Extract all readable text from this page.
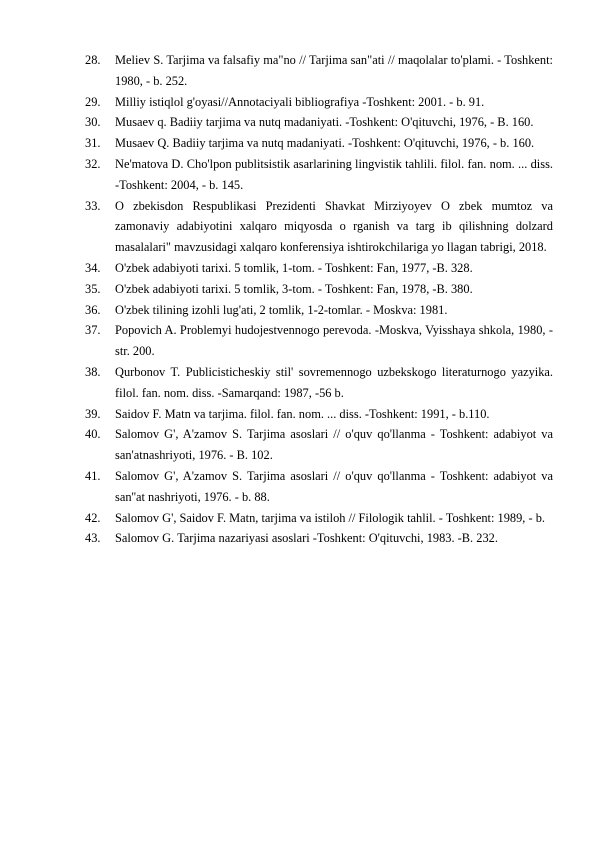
28.	Meliev S. Tarjima va falsafiy ma"no // Tarjima san"ati // maqolalar to'plami. - Toshkent: 1980, - b. 252.
29.	Milliy istiqlol g'oyasi//Annotaciyali bibliografiya -Toshkent: 2001. - b. 91.
30.	Musaev q. Badiiy tarjima va nutq madaniyati. -Toshkent: O'qituvchi, 1976, - B. 160.
31.	Musaev Q. Badiiy tarjima va nutq madaniyati. -Toshkent: O'qituvchi, 1976, - b. 160.
32.	Ne'matova D. Cho'lpon publitsistik asarlarining lingvistik tahlili. filol. fan. nom. ... diss. -Toshkent: 2004, - b. 145.
33.	O zbekisdon Respublikasi Prezidenti Shavkat Mirziyoyev O zbek mumtoz va zamonaviy adabiyotini xalqaro miqyosda o rganish va targ ib qilishning dolzard masalalari" mavzusidagi xalqaro konferensiya ishtirokchilariga yo llagan tabrigi, 2018.
34.	O'zbek adabiyoti tarixi. 5 tomlik, 1-tom. - Toshkent: Fan, 1977, -B. 328.
35.	O'zbek adabiyoti tarixi. 5 tomlik, 3-tom. - Toshkent: Fan, 1978, -B. 380.
36.	O'zbek tilining izohli lug'ati, 2 tomlik, 1-2-tomlar. - Moskva: 1981.
37.	Popovich A. Problemyi hudojestvennogo perevoda. -Moskva, Vyisshaya shkola, 1980, -str. 200.
38.	Qurbonov T. Publicisticheskiy stil' sovremennogo uzbekskogo literaturnogo yazyika. filol. fan. nom. diss. -Samarqand: 1987, -56 b.
39.	Saidov F. Matn va tarjima. filol. fan. nom. ... diss. -Toshkent: 1991, - b.110.
40.	Salomov G', A'zamov S. Tarjima asoslari // o'quv qo'llanma - Toshkent: adabiyot va san'atnashriyoti, 1976. - B. 102.
41.	Salomov G', A'zamov S. Tarjima asoslari // o'quv qo'llanma - Toshkent: adabiyot va san''at nashriyoti, 1976. - b. 88.
42.	Salomov G', Saidov F. Matn, tarjima va istiloh // Filologik tahlil. - Toshkent: 1989, - b.
43.	Salomov G. Tarjima nazariyasi asoslari -Toshkent: O'qituvchi, 1983. -B. 232.
